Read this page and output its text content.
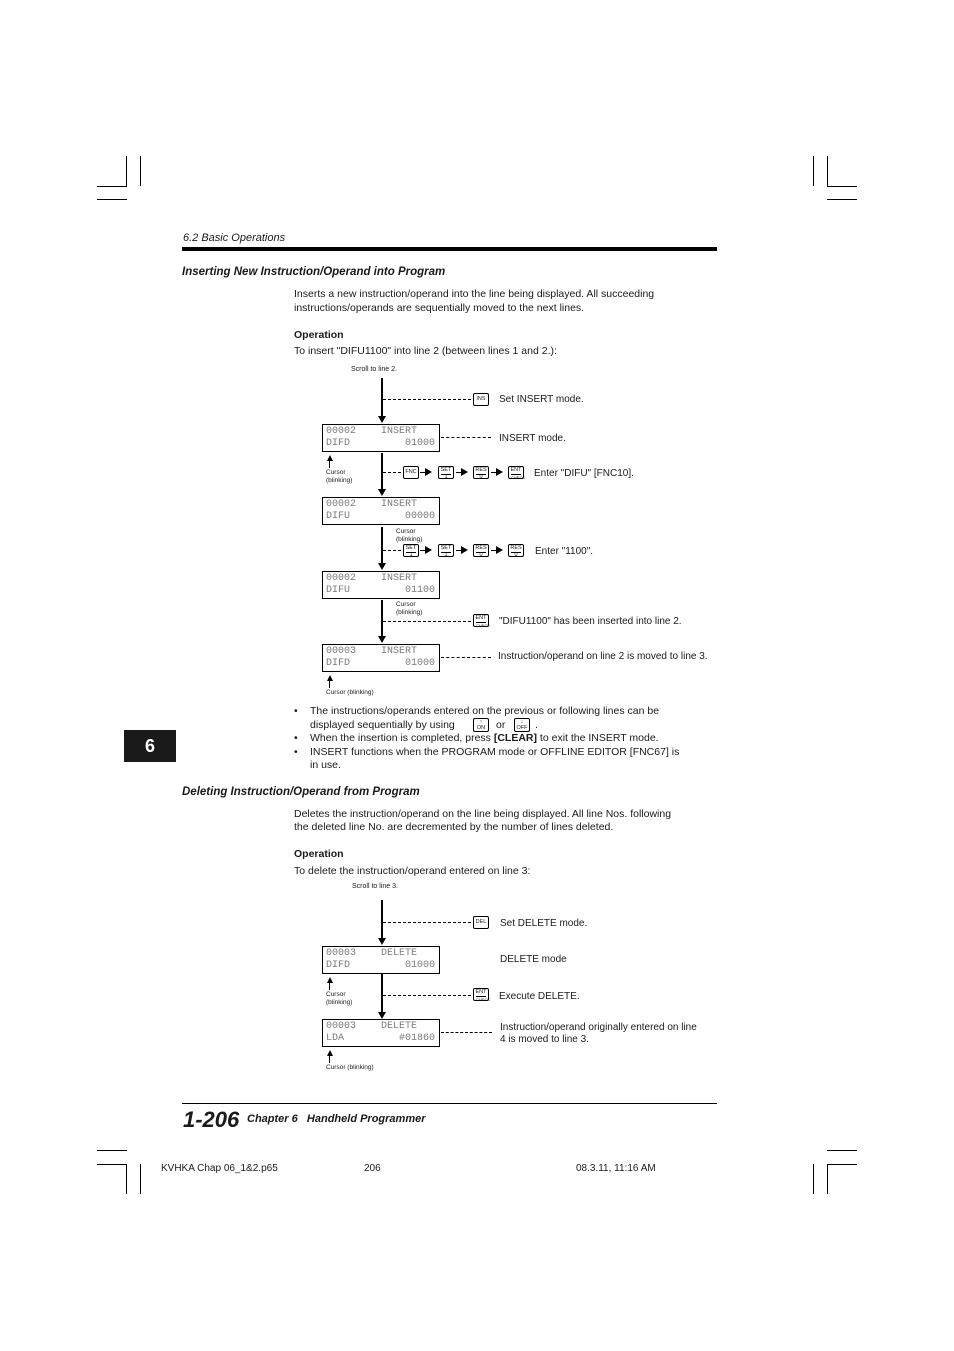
6.2 Basic Operations
Inserting New Instruction/Operand into Program
Inserts a new instruction/operand into the line being displayed. All succeeding
instructions/operands are sequentially moved to the next lines.
Operation
To insert "DIFU1100" into line 2 (between lines 1 and 2.):
Scroll to line 2.
INS Set INSERT mode.
00002 INSERT
DIFD	01000	INSERT mode.
Cursor
(blinking)
FNC	SET
1
RES
0
ENT
CHECK Enter "DIFU" [FNC10].
00002 INSERT
DIFU	00000
Cursor
(blinking)
SET
1
SET
1
RES
0
RES
0	Enter "1100".
00002 INSERT
DIFU	01100
Cursor
(blinking)
ENT
CHECK "DIFU1100" has been inserted into line 2.
00003 INSERT
DIFD	01000
Instruction/operand on line 2 is moved to line 3.
Cursor (blinking)
• The instructions/operands entered on the previous or following lines can be
displayed sequentially by using	↑
ON or	↓
OFF .
• When the insertion is completed, press [CLEAR] to exit the INSERT mode.
• INSERT functions when the PROGRAM mode or OFFLINE EDITOR [FNC67] is
in use.
6
Deleting Instruction/Operand from Program
Deletes the instruction/operand on the line being displayed. All line Nos. following
the deleted line No. are decremented by the number of lines deleted.
Operation
To delete the instruction/operand entered on line 3:
Scroll to line 3.
DEL Set DELETE mode.
00003 DELETE
DIFD	01000
DELETE mode
Cursor
(blinking)
ENT
CHECK Execute DELETE.
00003 DELETE
LDA	#01860
Instruction/operand originally entered on line
4 is moved to line 3.
Cursor (blinking)
1-206 Chapter 6 Handheld Programmer
KVHKA Chap 06_1&2.p65	206	08.3.11, 11:16 AM
